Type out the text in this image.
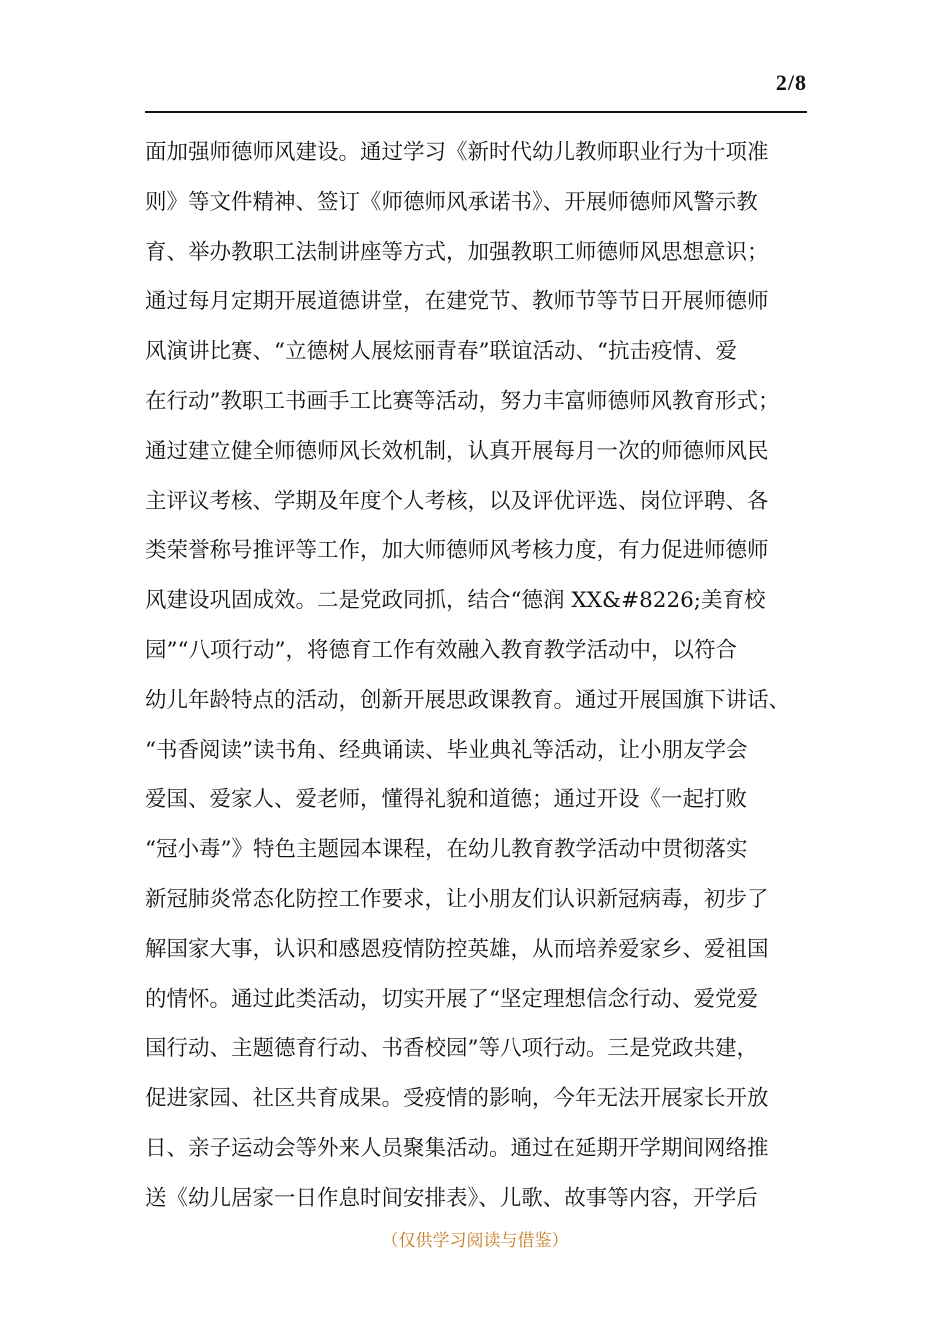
2/8
面加强师德师风建设。通过学习《新时代幼儿教师职业行为十项准
则》等文件精神、签订《师德师风承诺书》、开展师德师风警示教
育、举办教职工法制讲座等方式，加强教职工师德师风思想意识；
通过每月定期开展道德讲堂，在建党节、教师节等节日开展师德师
风演讲比赛、“立德树人展炫丽青春”联谊活动、“抗击疫情、爱
在行动”教职工书画手工比赛等活动，努力丰富师德师风教育形式；
通过建立健全师德师风长效机制，认真开展每月一次的师德师风民
主评议考核、学期及年度个人考核，以及评优评选、岗位评聘、各
类荣誉称号推评等工作，加大师德师风考核力度，有力促进师德师
风建设巩固成效。二是党政同抓，结合“德润 XX&#8226;美育校
园”“八项行动”，将德育工作有效融入教育教学活动中，以符合
幼儿年龄特点的活动，创新开展思政课教育。通过开展国旗下讲话、
“书香阅读”读书角、经典诵读、毕业典礼等活动，让小朋友学会
爱国、爱家人、爱老师，懂得礼貌和道德；通过开设《一起打败
“冠小毒”》特色主题园本课程，在幼儿教育教学活动中贯彻落实
新冠肺炎常态化防控工作要求，让小朋友们认识新冠病毒，初步了
解国家大事，认识和感恩疫情防控英雄，从而培养爱家乡、爱祖国
的情怀。通过此类活动，切实开展了“坚定理想信念行动、爱党爱
国行动、主题德育行动、书香校园”等八项行动。三是党政共建，
促进家园、社区共育成果。受疫情的影响，今年无法开展家长开放
日、亲子运动会等外来人员聚集活动。通过在延期开学期间网络推
送《幼儿居家一日作息时间安排表》、儿歌、故事等内容，开学后
（仅供学习阅读与借鉴）
